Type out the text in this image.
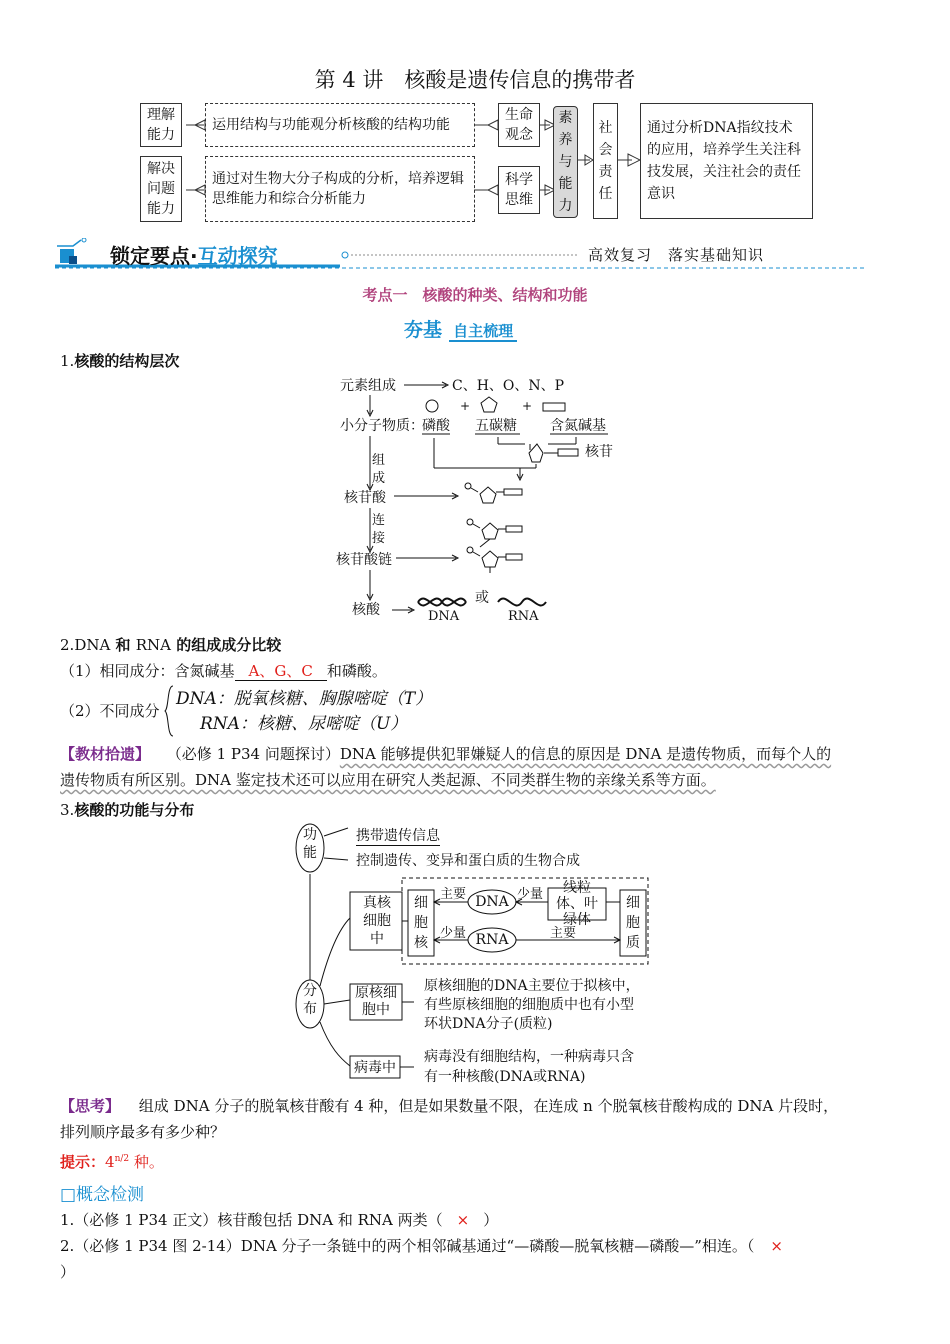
第 4 讲　核酸是遗传信息的携带者
理解能力
解决问题能力
运用结构与功能观分析核酸的结构功能
通过对生物大分子构成的分析，培养逻辑思维能力和综合分析能力
生命观念
科学思维
素养与能力
社会责任
通过分析DNA指纹技术的应用，培养学生关注科技发展，关注社会的责任意识
锁定要点·互动探究	高效复习　落实基础知识
考点一　核酸的种类、结构和功能
夯基 自主梳理
1.核酸的结构层次
元素组成	C、H、O、N、P
小分子物质：
磷酸 五碳糖 含氮碱基
+	+
核苷
组
成
核苷酸
连
接
核苷酸链
核酸
或
DNA	RNA
2.DNA 和 RNA 的组成成分比较
（1）相同成分：含氮碱基 A、G、C 和磷酸。
（2）不同成分
DNA：脱氧核糖、胸腺嘧啶（T）
RNA：核糖、尿嘧啶（U）
【教材拾遗】 （必修 1 P34 问题探讨）DNA 能够提供犯罪嫌疑人的信息的原因是 DNA 是遗传物质，而每个人的
遗传物质有所区别。DNA 鉴定技术还可以应用在研究人类起源、不同类群生物的亲缘关系等方面。
3.核酸的功能与分布
功能
分布
携带遗传信息
控制遗传、变异和蛋白质的生物合成
真核细胞中
细胞核
细胞质
主要
少量
DNA
RNA
少量	线粒体、叶绿体
主要
原核细胞中
原核细胞的DNA主要位于拟核中，
有些原核细胞的细胞质中也有小型
环状DNA分子(质粒)
病毒中
病毒没有细胞结构，一种病毒只含
有一种核酸(DNA或RNA)
【思考】 组成 DNA 分子的脱氧核苷酸有 4 种，但是如果数量不限，在连成 n 个脱氧核苷酸构成的 DNA 片段时，
排列顺序最多有多少种？
提示：$4^{n/2}$ 种。
□概念检测
1.（必修 1 P34 正文）核苷酸包括 DNA 和 RNA 两类（ × ）
2.（必修 1 P34 图 2-14）DNA 分子一条链中的两个相邻碱基通过“—磷酸—脱氧核糖—磷酸—”相连。（ ×
）
